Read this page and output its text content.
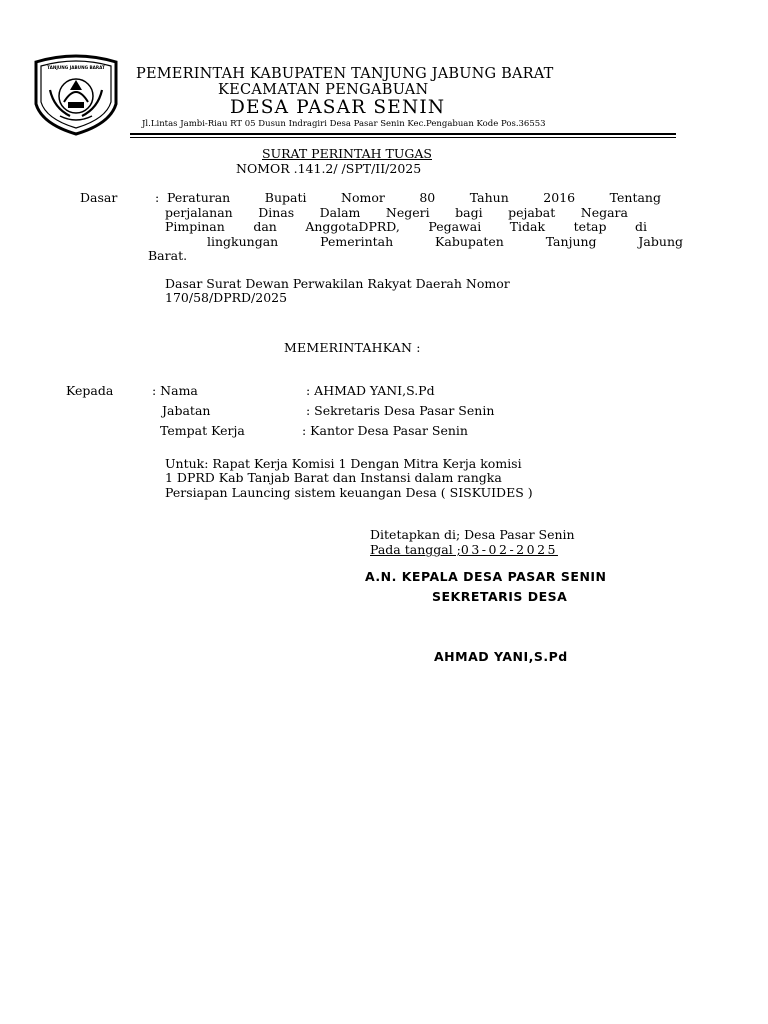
TANJUNG JABUNG BARAT PEMERINTAH KABUPATEN TANJUNG JABUNG BARAT
KECAMATAN PENGABUAN
DESA PASAR SENIN
Jl.Lintas Jambi-Riau RT 05 Dusun Indragiri Desa Pasar Senin Kec.Pengabuan Kode Pos.36553
SURAT PERINTAH TUGAS
NOMOR .141.2/ /SPT/II/2025
Dasar	: Peraturan Bupati Nomor 80 Tahun 2016 Tentang
perjalanan Dinas Dalam Negeri bagi pejabat Negara
Pimpinan dan AnggotaDPRD, Pegawai Tidak tetap di
lingkungan Pemerintah Kabupaten Tanjung Jabung
Barat.
Dasar Surat Dewan Perwakilan Rakyat Daerah Nomor
170/58/DPRD/2025
MEMERINTAHKAN :
Kepada	: Nama	: AHMAD YANI,S.Pd
Jabatan	: Sekretaris Desa Pasar Senin
Tempat Kerja	: Kantor Desa Pasar Senin
Untuk: Rapat Kerja Komisi 1 Dengan Mitra Kerja komisi
1 DPRD Kab Tanjab Barat dan Instansi dalam rangka
Persiapan Launcing sistem keuangan Desa ( SISKUIDES )
Ditetapkan di; Desa Pasar Senin
Pada tanggal ;03-02-2025
A.N. KEPALA DESA PASAR SENIN
SEKRETARIS DESA
AHMAD YANI,S.Pd
